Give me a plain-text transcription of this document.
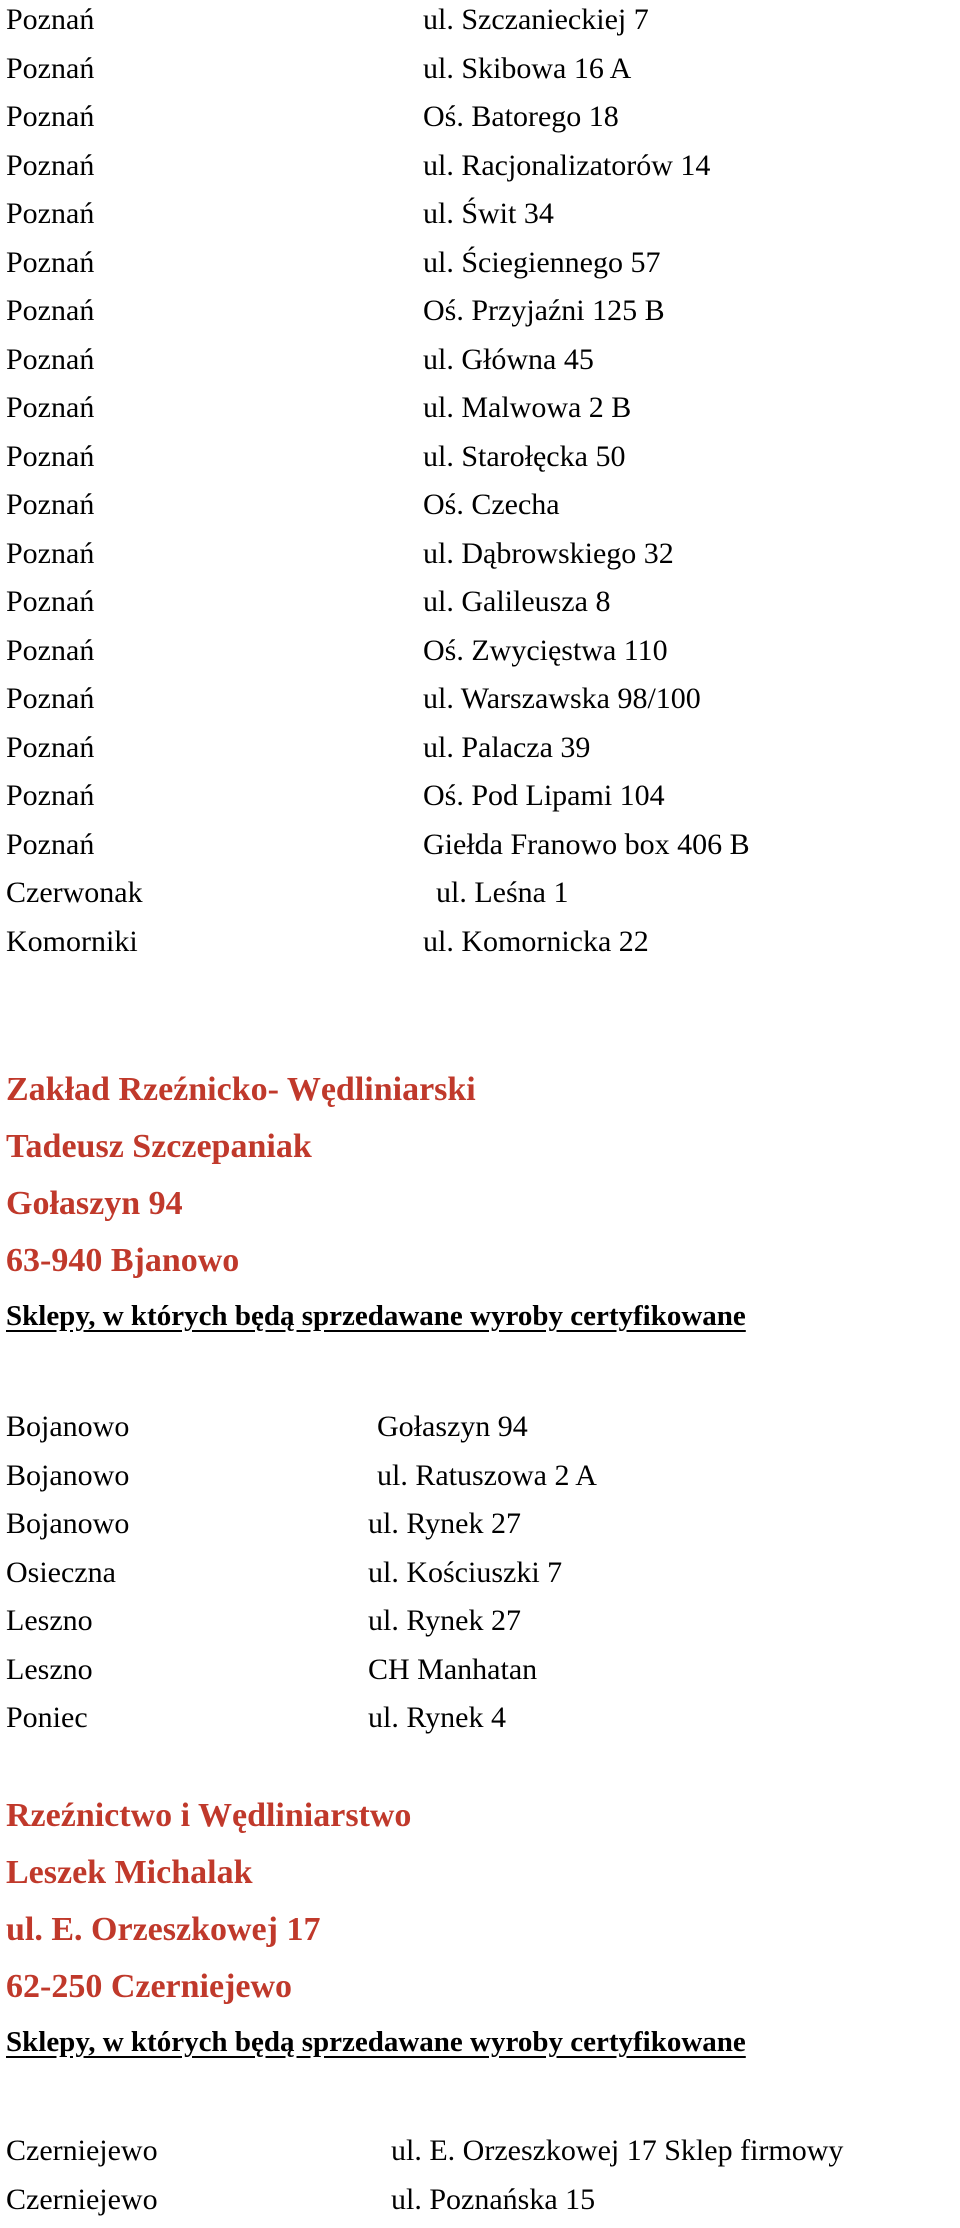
Poznań	ul. Szczanieckiej 7
Poznań	ul. Skibowa 16 A
Poznań	Oś. Batorego 18
Poznań	ul. Racjonalizatorów 14
Poznań	ul. Świt 34
Poznań	ul. Ściegiennego 57
Poznań	Oś. Przyjaźni 125 B
Poznań	ul. Główna 45
Poznań	ul. Malwowa 2 B
Poznań	ul. Starołęcka 50
Poznań	Oś. Czecha
Poznań	ul. Dąbrowskiego 32
Poznań	ul. Galileusza 8
Poznań	Oś. Zwycięstwa 110
Poznań	ul. Warszawska 98/100
Poznań	ul. Palacza 39
Poznań	Oś. Pod Lipami 104
Poznań	Giełda Franowo box 406 B
Czerwonak	ul. Leśna 1
Komorniki	ul. Komornicka 22
Zakład Rzeźnicko- Wędliniarski
Tadeusz Szczepaniak
Gołaszyn 94
63-940 Bjanowo
Sklepy, w których będą sprzedawane wyroby certyfikowane
Bojanowo	Gołaszyn 94
Bojanowo	ul. Ratuszowa 2 A
Bojanowo	ul. Rynek 27
Osieczna	ul. Kościuszki 7
Leszno	ul. Rynek 27
Leszno	CH Manhatan
Poniec	ul. Rynek 4
Rzeźnictwo i Wędliniarstwo
Leszek Michalak
ul. E. Orzeszkowej 17
62-250 Czerniejewo
Sklepy, w których będą sprzedawane wyroby certyfikowane
Czerniejewo	ul. E. Orzeszkowej 17 Sklep firmowy
Czerniejewo	ul. Poznańska 15
